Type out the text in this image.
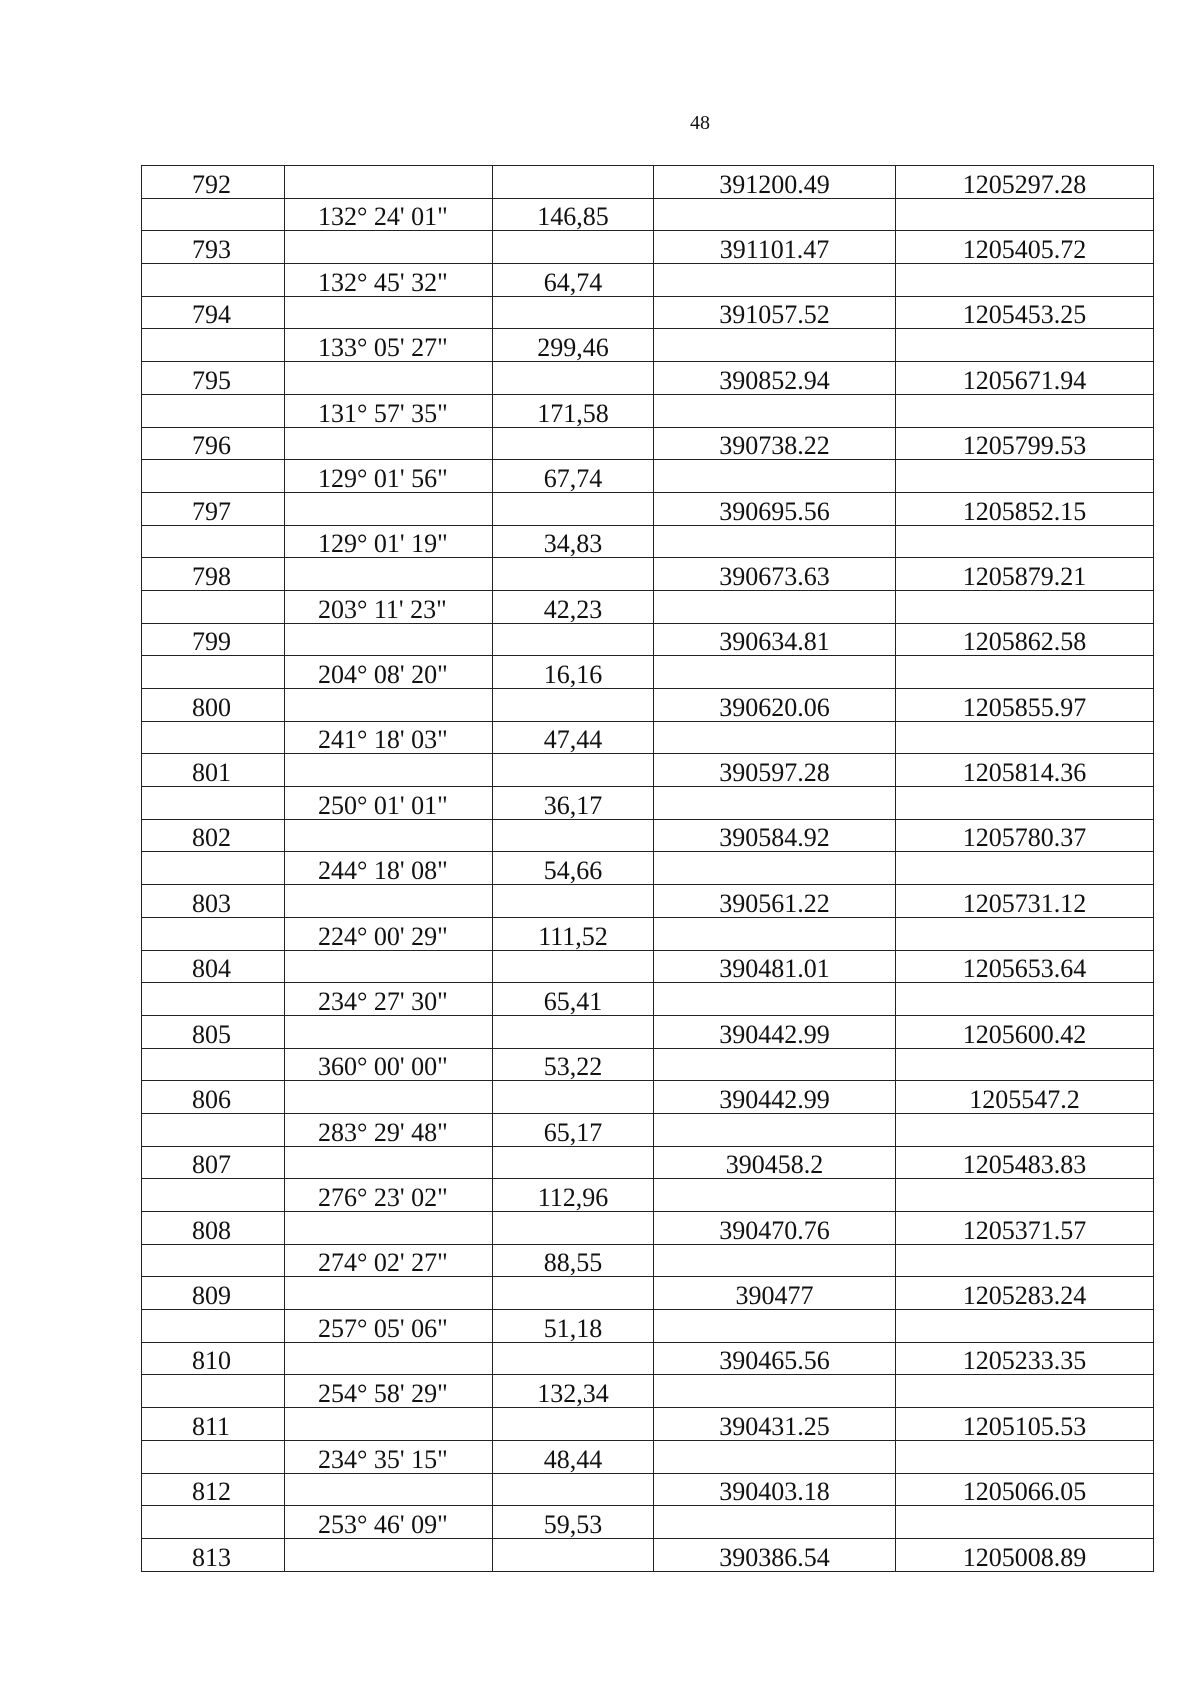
48
792			391200.49	1205297.28
	132° 24' 01"	146,85		
793			391101.47	1205405.72
	132° 45' 32"	64,74		
794			391057.52	1205453.25
	133° 05' 27"	299,46		
795			390852.94	1205671.94
	131° 57' 35"	171,58		
796			390738.22	1205799.53
	129° 01' 56"	67,74		
797			390695.56	1205852.15
	129° 01' 19"	34,83		
798			390673.63	1205879.21
	203° 11' 23"	42,23		
799			390634.81	1205862.58
	204° 08' 20"	16,16		
800			390620.06	1205855.97
	241° 18' 03"	47,44		
801			390597.28	1205814.36
	250° 01' 01"	36,17		
802			390584.92	1205780.37
	244° 18' 08"	54,66		
803			390561.22	1205731.12
	224° 00' 29"	111,52		
804			390481.01	1205653.64
	234° 27' 30"	65,41		
805			390442.99	1205600.42
	360° 00' 00"	53,22		
806			390442.99	1205547.2
	283° 29' 48"	65,17		
807			390458.2	1205483.83
	276° 23' 02"	112,96		
808			390470.76	1205371.57
	274° 02' 27"	88,55		
809			390477	1205283.24
	257° 05' 06"	51,18		
810			390465.56	1205233.35
	254° 58' 29"	132,34		
811			390431.25	1205105.53
	234° 35' 15"	48,44		
812			390403.18	1205066.05
	253° 46' 09"	59,53		
813			390386.54	1205008.89
